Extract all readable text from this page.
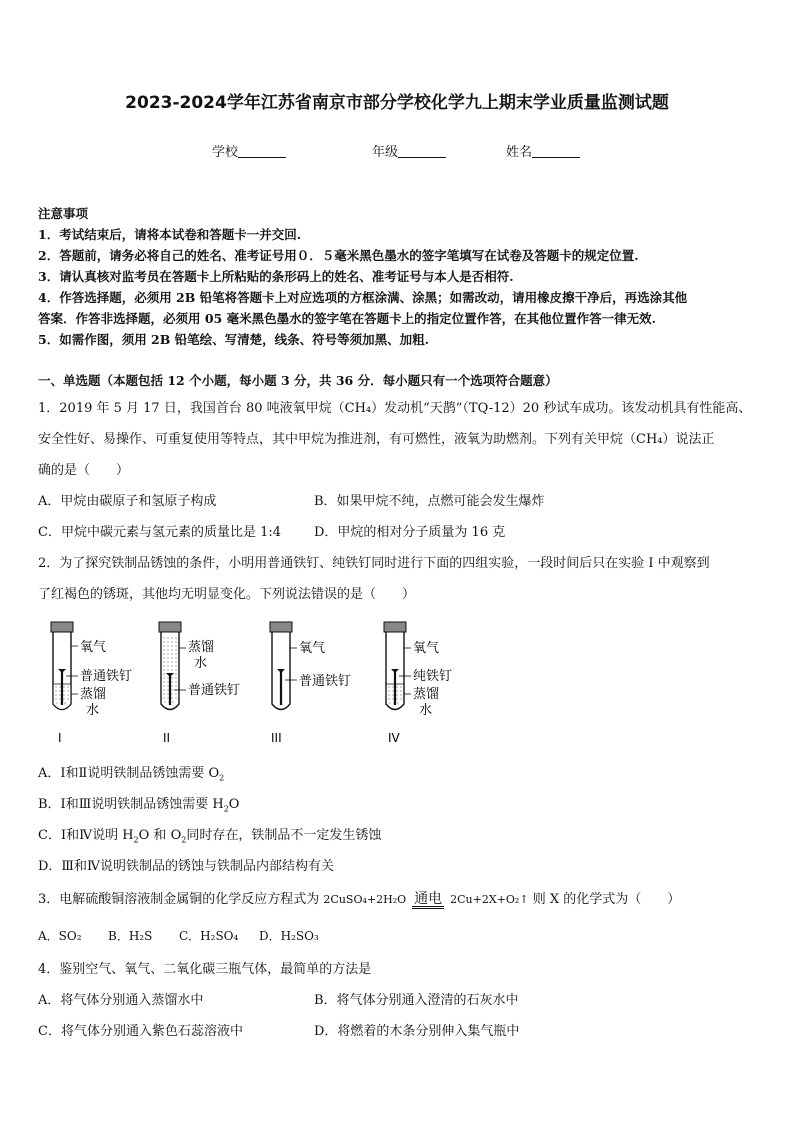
2023-2024学年江苏省南京市部分学校化学九上期末学业质量监测试题
学校	年级	姓名
注意事项
1．考试结束后，请将本试卷和答题卡一并交回.
2．答题前，请务必将自己的姓名、准考证号用０．５毫米黑色墨水的签字笔填写在试卷及答题卡的规定位置.
3．请认真核对监考员在答题卡上所粘贴的条形码上的姓名、准考证号与本人是否相符.
4．作答选择题，必须用 2B 铅笔将答题卡上对应选项的方框涂满、涂黑；如需改动，请用橡皮擦干净后，再选涂其他
答案．作答非选择题，必须用 05 毫米黑色墨水的签字笔在答题卡上的指定位置作答，在其他位置作答一律无效.
5．如需作图，须用 2B 铅笔绘、写清楚，线条、符号等须加黑、加粗.
一、单选题（本题包括 12 个小题，每小题 3 分，共 36 分．每小题只有一个选项符合题意）
1．2019 年 5 月 17 日，我国首台 80 吨液氧甲烷（CH₄）发动机“天鹊”（TQ-12）20 秒试车成功。该发动机具有性能高、
安全性好、易操作、可重复使用等特点，其中甲烷为推进剂，有可燃性，液氧为助燃剂。下列有关甲烷（CH₄）说法正
确的是（　　）
A．甲烷由碳原子和氢原子构成	B．如果甲烷不纯，点燃可能会发生爆炸
C．甲烷中碳元素与氢元素的质量比是 1:4	D．甲烷的相对分子质量为 16 克
2．为了探究铁制品锈蚀的条件，小明用普通铁钉、纯铁钉同时进行下面的四组实验，一段时间后只在实验 I 中观察到
了红褐色的锈斑，其他均无明显变化。下列说法错误的是（　　）
氧气
普通铁钉
蒸馏
水
I
蒸馏
水
普通铁钉
II
氧气
普通铁钉
III
氧气
纯铁钉
蒸馏
水
IV
A．Ⅰ和Ⅱ说明铁制品锈蚀需要 $O_2$
B．Ⅰ和Ⅲ说明铁制品锈蚀需要 $H_2O$
C．Ⅰ和Ⅳ说明 $H_2O$ 和 $O_2$同时存在，铁制品不一定发生锈蚀
D．Ⅲ和Ⅳ说明铁制品的锈蚀与铁制品内部结构有关
3．电解硫酸铜溶液制金属铜的化学反应方程式为 2CuSO₄+2H₂O 通电 2Cu+2X+O₂↑ 则 X 的化学式为（　　）
A．SO₂ B．H₂S C．H₂SO₄ D．H₂SO₃
4．鉴别空气、氧气、二氧化碳三瓶气体，最简单的方法是
A．将气体分别通入蒸馏水中	B．将气体分别通入澄清的石灰水中
C．将气体分别通入紫色石蕊溶液中	D．将燃着的木条分别伸入集气瓶中
